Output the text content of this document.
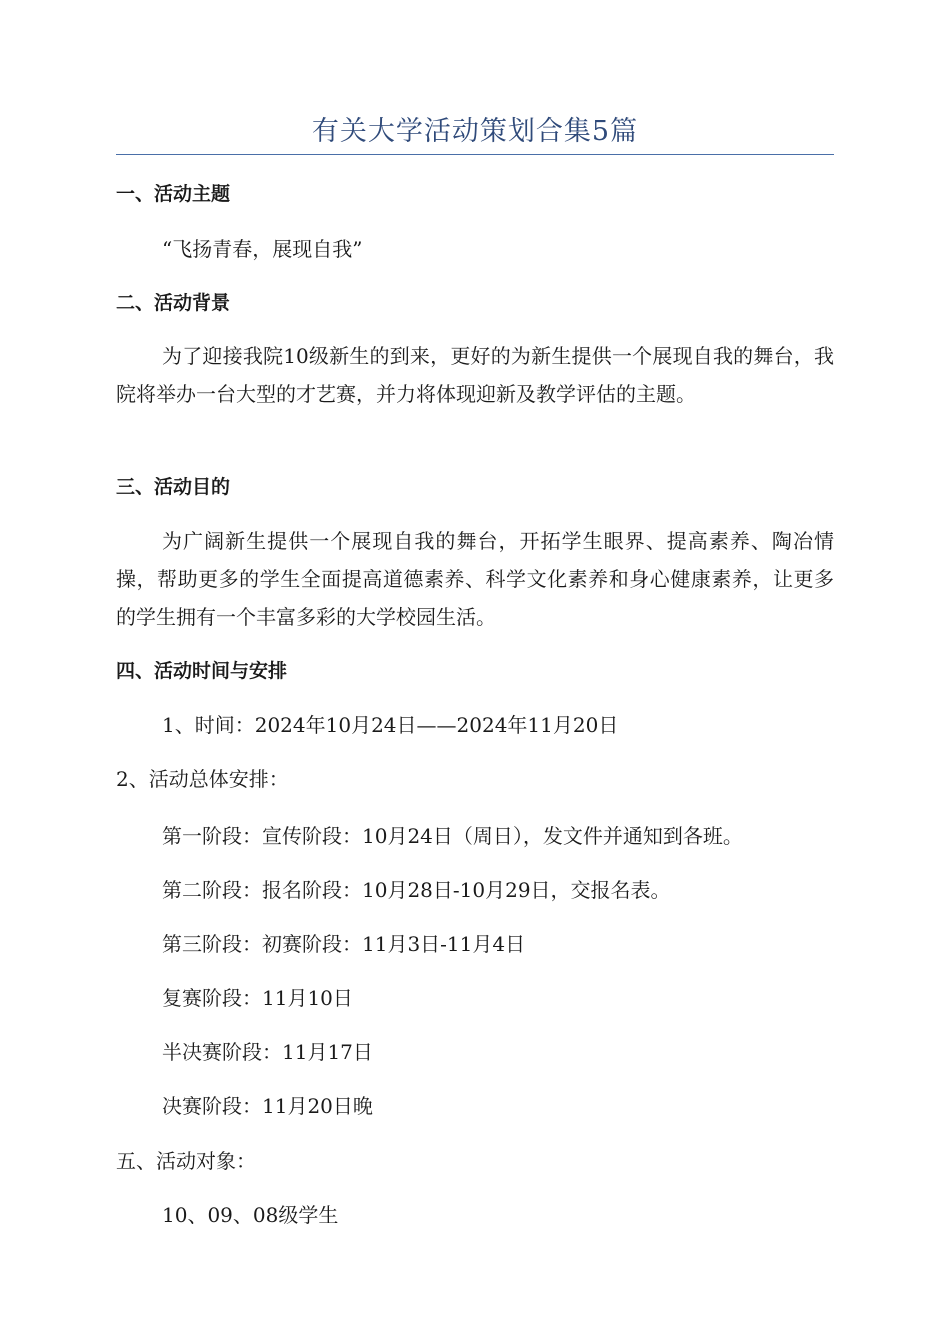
有关大学活动策划合集5篇
一、活动主题
“飞扬青春，展现自我”
二、活动背景
为了迎接我院10级新生的到来，更好的为新生提供一个展现自我的舞台，我院将举办一台大型的才艺赛，并力将体现迎新及教学评估的主题。
三、活动目的
为广阔新生提供一个展现自我的舞台，开拓学生眼界、提高素养、陶冶情操，帮助更多的学生全面提高道德素养、科学文化素养和身心健康素养，让更多的学生拥有一个丰富多彩的大学校园生活。
四、活动时间与安排
1、时间：2024年10月24日——2024年11月20日
2、活动总体安排：
第一阶段：宣传阶段：10月24日（周日），发文件并通知到各班。
第二阶段：报名阶段：10月28日-10月29日，交报名表。
第三阶段：初赛阶段：11月3日-11月4日
复赛阶段：11月10日
半决赛阶段：11月17日
决赛阶段：11月20日晚
五、活动对象：
10、09、08级学生
